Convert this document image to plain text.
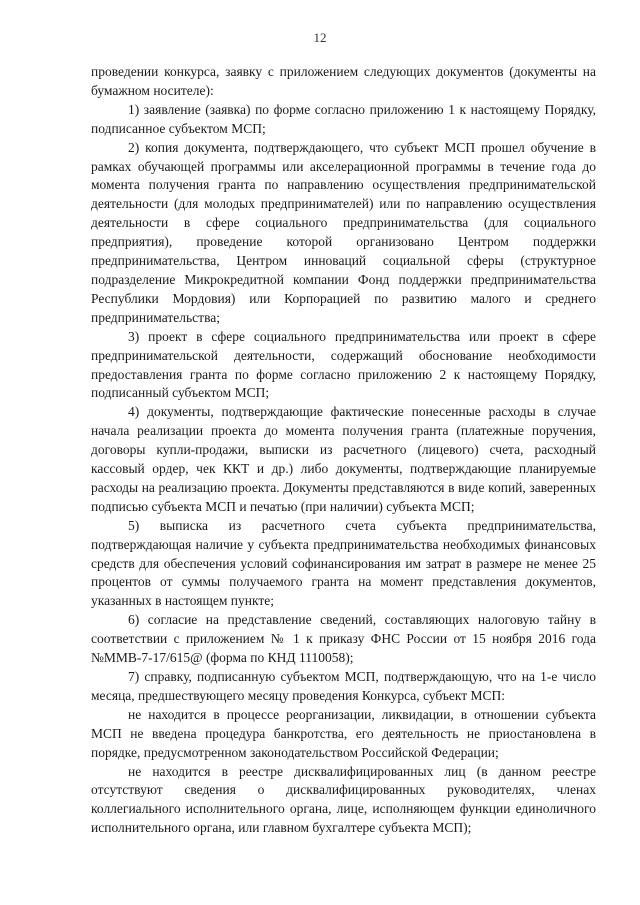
12

проведении конкурса, заявку с приложением следующих документов (документы на бумажном носителе):

1) заявление (заявка) по форме согласно приложению 1 к настоящему Порядку, подписанное субъектом МСП;

2) копия документа, подтверждающего, что субъект МСП прошел обучение в рамках обучающей программы или акселерационной программы в течение года до момента получения гранта по направлению осуществления предпринимательской деятельности (для молодых предпринимателей) или по направлению осуществления деятельности в сфере социального предпринимательства (для социального предприятия), проведение которой организовано Центром поддержки предпринимательства, Центром инноваций социальной сферы (структурное подразделение Микрокредитной компании Фонд поддержки предпринимательства Республики Мордовия) или Корпорацией по развитию малого и среднего предпринимательства;

3) проект в сфере социального предпринимательства или проект в сфере предпринимательской деятельности, содержащий обоснование необходимости предоставления гранта по форме согласно приложению 2 к настоящему Порядку, подписанный субъектом МСП;

4) документы, подтверждающие фактические понесенные расходы в случае начала реализации проекта до момента получения гранта (платежные поручения, договоры купли-продажи, выписки из расчетного (лицевого) счета, расходный кассовый ордер, чек ККТ и др.) либо документы, подтверждающие планируемые расходы на реализацию проекта. Документы представляются в виде копий, заверенных подписью субъекта МСП и печатью (при наличии) субъекта МСП;

5) выписка из расчетного счета субъекта предпринимательства, подтверждающая наличие у субъекта предпринимательства необходимых финансовых средств для обеспечения условий софинансирования им затрат в размере не менее 25 процентов от суммы получаемого гранта на момент представления документов, указанных в настоящем пункте;

6) согласие на представление сведений, составляющих налоговую тайну в соответствии с приложением № 1 к приказу ФНС России от 15 ноября 2016 года №ММВ-7-17/615@ (форма по КНД 1110058);

7) справку, подписанную субъектом МСП, подтверждающую, что на 1-е число месяца, предшествующего месяцу проведения Конкурса, субъект МСП:

не находится в процессе реорганизации, ликвидации, в отношении субъекта МСП не введена процедура банкротства, его деятельность не приостановлена в порядке, предусмотренном законодательством Российской Федерации;

не находится в реестре дисквалифицированных лиц (в данном реестре отсутствуют сведения о дисквалифицированных руководителях, членах коллегиального исполнительного органа, лице, исполняющем функции единоличного исполнительного органа, или главном бухгалтере субъекта МСП);
